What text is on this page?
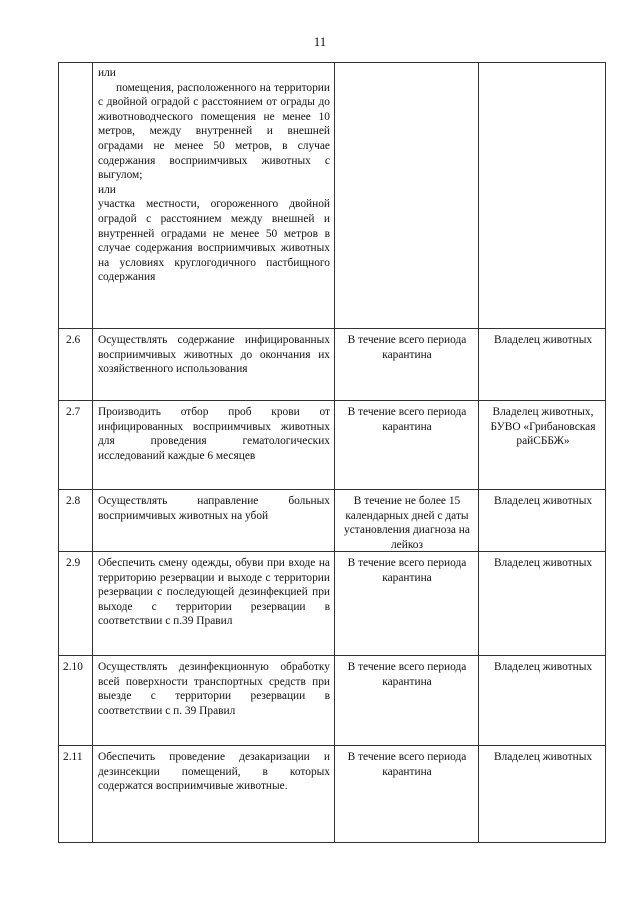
11
или
помещения, расположенного на территории с двойной оградой с расстоянием от ограды до животноводческого помещения не менее 10 метров, между внутренней и внешней оградами не менее 50 метров, в случае содержания восприимчивых животных с выгулом;
или
участка местности, огороженного двойной оградой с расстоянием между внешней и внутренней оградами не менее 50 метров в случае содержания восприимчивых животных на условиях круглогодичного пастбищного содержания
2.6 Осуществлять содержание инфицированных восприимчивых животных до окончания их хозяйственного использования
В течение всего периода карантина
Владелец животных
2.7 Производить отбор проб крови от инфицированных восприимчивых животных для проведения гематологических исследований каждые 6 месяцев
В течение всего периода карантина
Владелец животных, БУВО «Грибановская райСББЖ»
2.8 Осуществлять направление больных восприимчивых животных на убой
В течение не более 15 календарных дней с даты установления диагноза на лейкоз
Владелец животных
2.9 Обеспечить смену одежды, обуви при входе на территорию резервации и выходе с территории резервации с последующей дезинфекцией при выходе с территории резервации в соответствии с п.39 Правил
В течение всего периода карантина
Владелец животных
2.10 Осуществлять дезинфекционную обработку всей поверхности транспортных средств при выезде с территории резервации в соответствии с п. 39 Правил
В течение всего периода карантина
Владелец животных
2.11 Обеспечить проведение дезакаризации и дезинсекции помещений, в которых содержатся восприимчивые животные.
В течение всего периода карантина
Владелец животных
